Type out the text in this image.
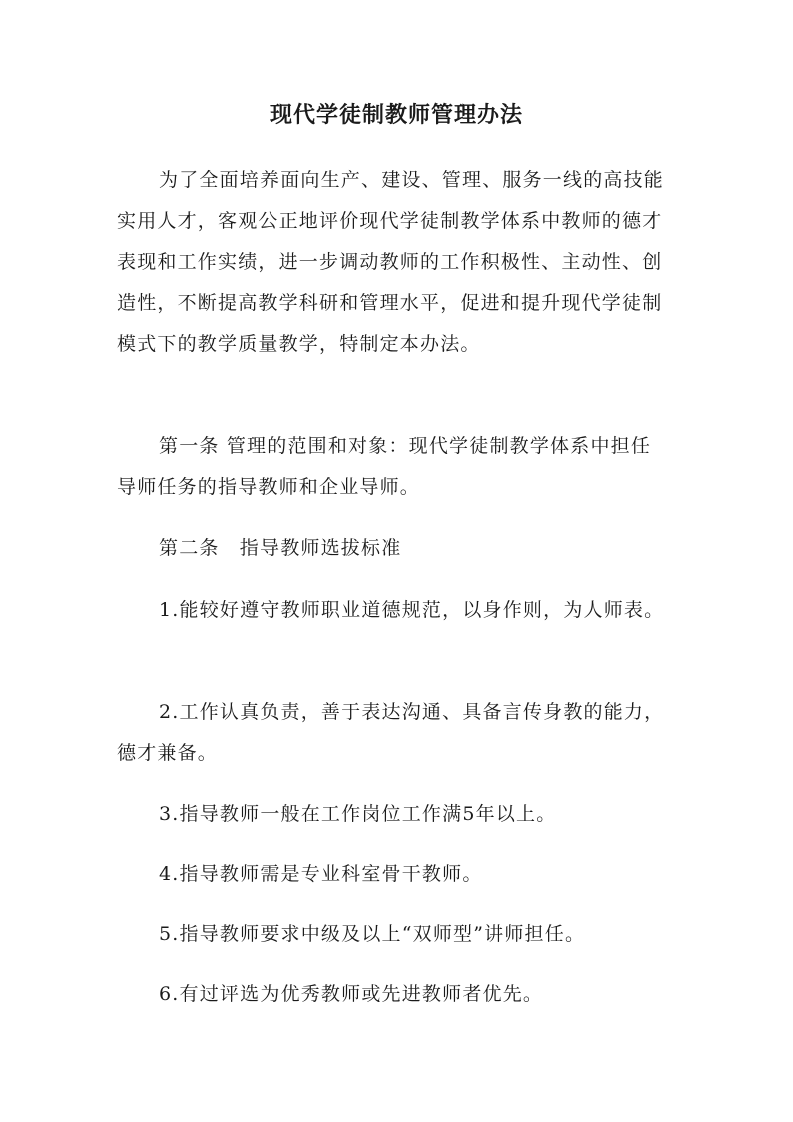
现代学徒制教师管理办法

为了全面培养面向生产、建设、管理、服务一线的高技能实用人才，客观公正地评价现代学徒制教学体系中教师的德才表现和工作实绩，进一步调动教师的工作积极性、主动性、创造性，不断提高教学科研和管理水平，促进和提升现代学徒制模式下的教学质量教学，特制定本办法。

第一条 管理的范围和对象：现代学徒制教学体系中担任导师任务的指导教师和企业导师。

第二条　指导教师选拔标准

1.能较好遵守教师职业道德规范，以身作则，为人师表。

2.工作认真负责，善于表达沟通、具备言传身教的能力，德才兼备。

3.指导教师一般在工作岗位工作满5年以上。

4.指导教师需是专业科室骨干教师。

5.指导教师要求中级及以上“双师型”讲师担任。

6.有过评选为优秀教师或先进教师者优先。
